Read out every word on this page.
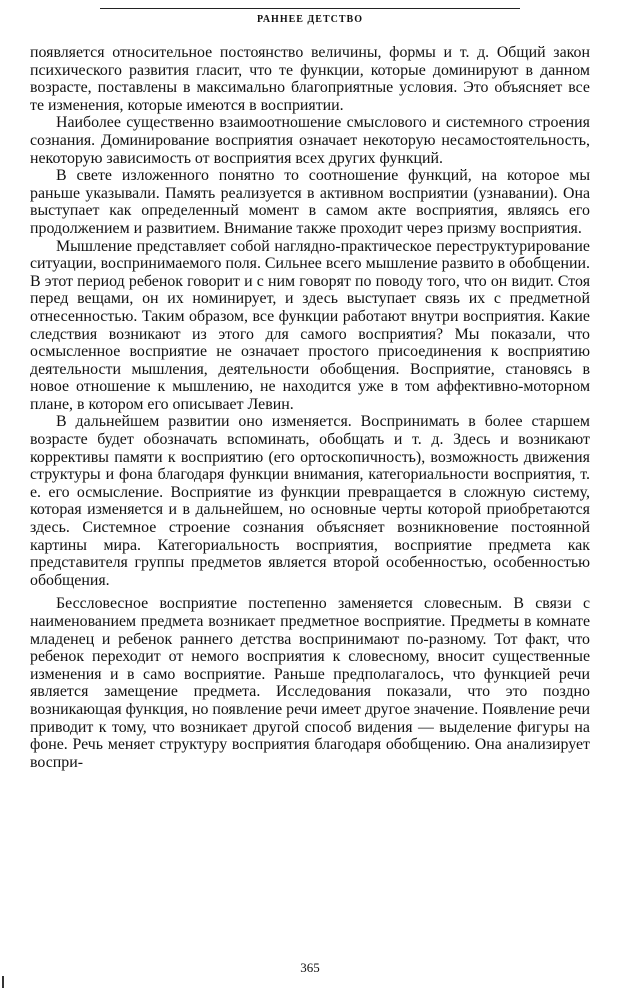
РАННЕЕ ДЕТСТВО

появляется относительное постоянство величины, формы и т. д. Общий закон психического развития гласит, что те функции, которые доминируют в данном возрасте, поставлены в максимально благоприятные условия. Это объясняет все те изменения, которые имеются в восприятии.

Наиболее существенно взаимоотношение смыслового и системного строения сознания. Доминирование восприятия означает некоторую несамостоятельность, некоторую зависимость от восприятия всех других функций.

В свете изложенного понятно то соотношение функций, на которое мы раньше указывали. Память реализуется в активном восприятии (узнавании). Она выступает как определенный момент в самом акте восприятия, являясь его продолжением и развитием. Внимание также проходит через призму восприятия.

Мышление представляет собой наглядно-практическое переструктурирование ситуации, воспринимаемого поля. Сильнее всего мышление развито в обобщении. В этот период ребенок говорит и с ним говорят по поводу того, что он видит. Стоя перед вещами, он их номинирует, и здесь выступает связь их с предметной отнесенностью. Таким образом, все функции работают внутри восприятия. Какие следствия возникают из этого для самого восприятия? Мы показали, что осмысленное восприятие не означает простого присоединения к восприятию деятельности мышления, деятельности обобщения. Восприятие, становясь в новое отношение к мышлению, не находится уже в том аффективно-моторном плане, в котором его описывает Левин.

В дальнейшем развитии оно изменяется. Воспринимать в более старшем возрасте будет обозначать вспоминать, обобщать и т. д. Здесь и возникают коррективы памяти к восприятию (его ортоскопичность), возможность движения структуры и фона благодаря функции внимания, категориальности восприятия, т. е. его осмысление. Восприятие из функции превращается в сложную систему, которая изменяется и в дальнейшем, но основные черты которой приобретаются здесь. Системное строение сознания объясняет возникновение постоянной картины мира. Категориальность восприятия, восприятие предмета как представителя группы предметов является второй особенностью, особенностью обобщения.

Бессловесное восприятие постепенно заменяется словесным. В связи с наименованием предмета возникает предметное восприятие. Предметы в комнате младенец и ребенок раннего детства воспринимают по-разному. Тот факт, что ребенок переходит от немого восприятия к словесному, вносит существенные изменения и в само восприятие. Раньше предполагалось, что функцией речи является замещение предмета. Исследования показали, что это поздно возникающая функция, но появление речи имеет другое значение. Появление речи приводит к тому, что возникает другой способ видения — выделение фигуры на фоне. Речь меняет структуру восприятия благодаря обобщению. Она анализирует воспри-

365
